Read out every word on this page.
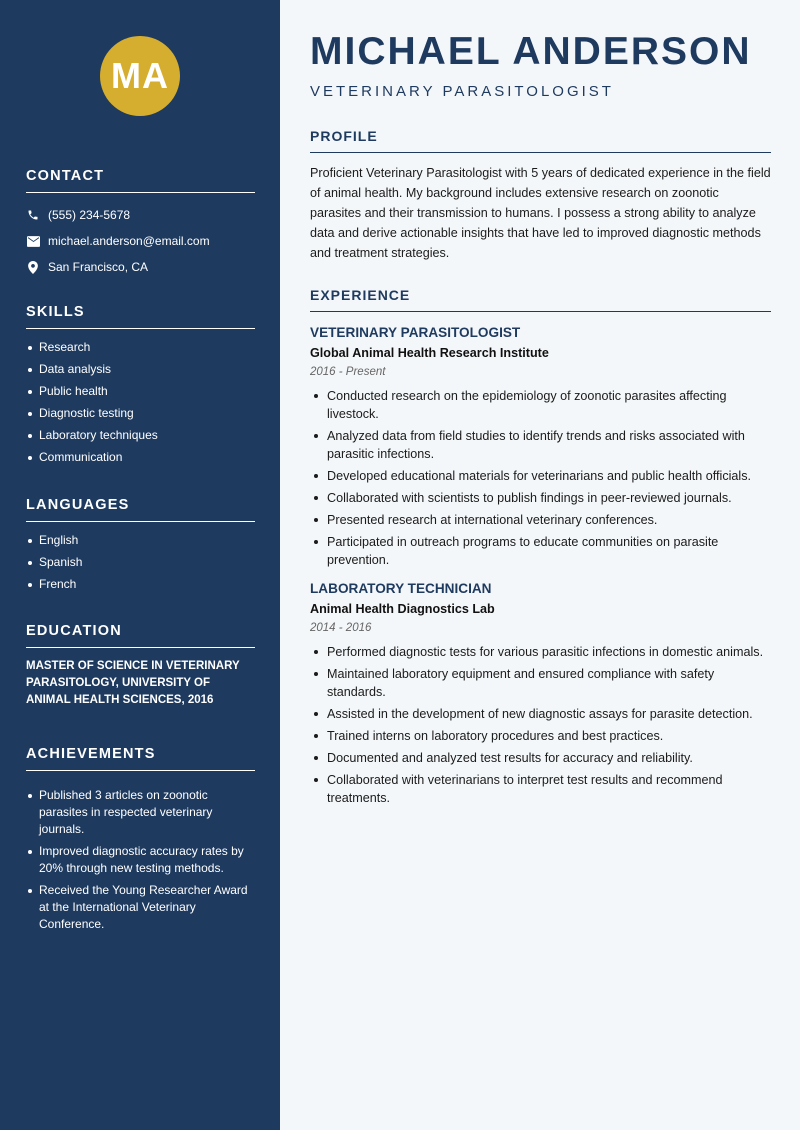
MA
CONTACT
(555) 234-5678
michael.anderson@email.com
San Francisco, CA
SKILLS
Research
Data analysis
Public health
Diagnostic testing
Laboratory techniques
Communication
LANGUAGES
English
Spanish
French
EDUCATION
MASTER OF SCIENCE IN VETERINARY PARASITOLOGY, UNIVERSITY OF ANIMAL HEALTH SCIENCES, 2016
ACHIEVEMENTS
Published 3 articles on zoonotic parasites in respected veterinary journals.
Improved diagnostic accuracy rates by 20% through new testing methods.
Received the Young Researcher Award at the International Veterinary Conference.
MICHAEL ANDERSON
VETERINARY PARASITOLOGIST
PROFILE
Proficient Veterinary Parasitologist with 5 years of dedicated experience in the field of animal health. My background includes extensive research on zoonotic parasites and their transmission to humans. I possess a strong ability to analyze data and derive actionable insights that have led to improved diagnostic methods and treatment strategies.
EXPERIENCE
VETERINARY PARASITOLOGIST
Global Animal Health Research Institute
2016 - Present
Conducted research on the epidemiology of zoonotic parasites affecting livestock.
Analyzed data from field studies to identify trends and risks associated with parasitic infections.
Developed educational materials for veterinarians and public health officials.
Collaborated with scientists to publish findings in peer-reviewed journals.
Presented research at international veterinary conferences.
Participated in outreach programs to educate communities on parasite prevention.
LABORATORY TECHNICIAN
Animal Health Diagnostics Lab
2014 - 2016
Performed diagnostic tests for various parasitic infections in domestic animals.
Maintained laboratory equipment and ensured compliance with safety standards.
Assisted in the development of new diagnostic assays for parasite detection.
Trained interns on laboratory procedures and best practices.
Documented and analyzed test results for accuracy and reliability.
Collaborated with veterinarians to interpret test results and recommend treatments.
